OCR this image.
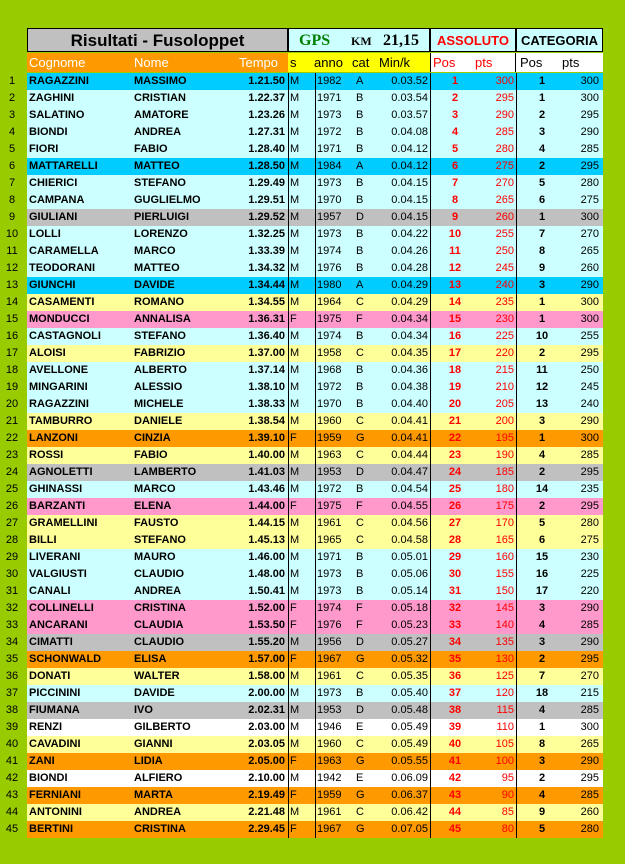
Risultati - Fusoloppet	GPS KM 21,15	ASSOLUTO CATEGORIA
Cognome	Nome	Tempo s anno cat Min/k Pos pts Pos pts
1	RAGAZZINI	MASSIMO	1.21.50 M 1982 A	0.03.52	1	300	1	300
2	ZAGHINI	CRISTIAN	1.22.37 M 1971 B	0.03.54	2	295	1	300
3	SALATINO	AMATORE	1.23.26 M 1973 B	0.03.57	3	290	2	295
4	BIONDI	ANDREA	1.27.31 M 1972 B	0.04.08	4	285	3	290
5	FIORI	FABIO	1.28.40 M 1971 B	0.04.12	5	280	4	285
6	MATTARELLI	MATTEO	1.28.50 M 1984 A	0.04.12	6	275	2	295
7	CHIERICI	STEFANO	1.29.49 M 1973 B	0.04.15	7	270	5	280
8	CAMPANA	GUGLIELMO	1.29.51 M 1970 B	0.04.15	8	265	6	275
9	GIULIANI	PIERLUIGI	1.29.52 M 1957 D	0.04.15	9	260	1	300
10 LOLLI	LORENZO	1.32.25 M 1973 B	0.04.22	10	255	7	270
11	CARAMELLA	MARCO	1.33.39 M 1974 B	0.04.26	11	250	8	265
12 TEODORANI	MATTEO	1.34.32 M 1976 B	0.04.28	12	245	9	260
13 GIUNCHI	DAVIDE	1.34.44 M 1980 A	0.04.29	13	240	3	290
14 CASAMENTI	ROMANO	1.34.55 M 1964 C	0.04.29	14	235	1	300
15 MONDUCCI	ANNALISA	1.36.31 F 1975 F	0.04.34	15	230	1	300
16 CASTAGNOLI	STEFANO	1.36.40 M 1974 B	0.04.34	16	225	10	255
17 ALOISI	FABRIZIO	1.37.00 M 1958 C	0.04.35	17	220	2	295
18 AVELLONE	ALBERTO	1.37.14 M 1968 B	0.04.36	18	215	11	250
19 MINGARINI	ALESSIO	1.38.10 M 1972 B	0.04.38	19	210	12	245
20 RAGAZZINI	MICHELE	1.38.33 M 1970 B	0.04.40	20	205	13	240
21 TAMBURRO	DANIELE	1.38.54 M 1960 C	0.04.41	21	200	3	290
22 LANZONI	CINZIA	1.39.10 F 1959 G	0.04.41	22	195	1	300
23 ROSSI	FABIO	1.40.00 M 1963 C	0.04.44	23	190	4	285
24 AGNOLETTI	LAMBERTO	1.41.03 M 1953 D	0.04.47	24	185	2	295
25 GHINASSI	MARCO	1.43.46 M 1972 B	0.04.54	25	180	14	235
26 BARZANTI	ELENA	1.44.00 F 1975 F	0.04.55	26	175	2	295
27 GRAMELLINI	FAUSTO	1.44.15 M 1961 C	0.04.56	27	170	5	280
28 BILLI	STEFANO	1.45.13 M 1965 C	0.04.58	28	165	6	275
29 LIVERANI	MAURO	1.46.00 M 1971 B	0.05.01	29	160	15	230
30 VALGIUSTI	CLAUDIO	1.48.00 M 1973 B	0.05.06	30	155	16	225
31 CANALI	ANDREA	1.50.41 M 1973 B	0.05.14	31	150	17	220
32 COLLINELLI	CRISTINA	1.52.00 F 1974 F	0.05.18	32	145	3	290
33 ANCARANI	CLAUDIA	1.53.50 F 1976 F	0.05.23	33	140	4	285
34 CIMATTI	CLAUDIO	1.55.20 M 1956 D	0.05.27	34	135	3	290
35 SCHONWALD	ELISA	1.57.00 F 1967 G	0.05.32	35	130	2	295
36 DONATI	WALTER	1.58.00 M 1961 C	0.05.35	36	125	7	270
37 PICCININI	DAVIDE	2.00.00 M 1973 B	0.05.40	37	120	18	215
38 FIUMANA	IVO	2.02.31 M 1953 D	0.05.48	38	115	4	285
39 RENZI	GILBERTO	2.03.00 M 1946 E	0.05.49	39	110	1	300
40 CAVADINI	GIANNI	2.03.05 M 1960 C	0.05.49	40	105	8	265
41 ZANI	LIDIA	2.05.00 F 1963 G	0.05.55	41	100	3	290
42 BIONDI	ALFIERO	2.10.00 M 1942 E	0.06.09	42	95	2	295
43 FERNIANI	MARTA	2.19.49 F 1959 G	0.06.37	43	90	4	285
44 ANTONINI	ANDREA	2.21.48 M 1961 C	0.06.42	44	85	9	260
45 BERTINI	CRISTINA	2.29.45 F 1967 G	0.07.05	45	80	5	280
